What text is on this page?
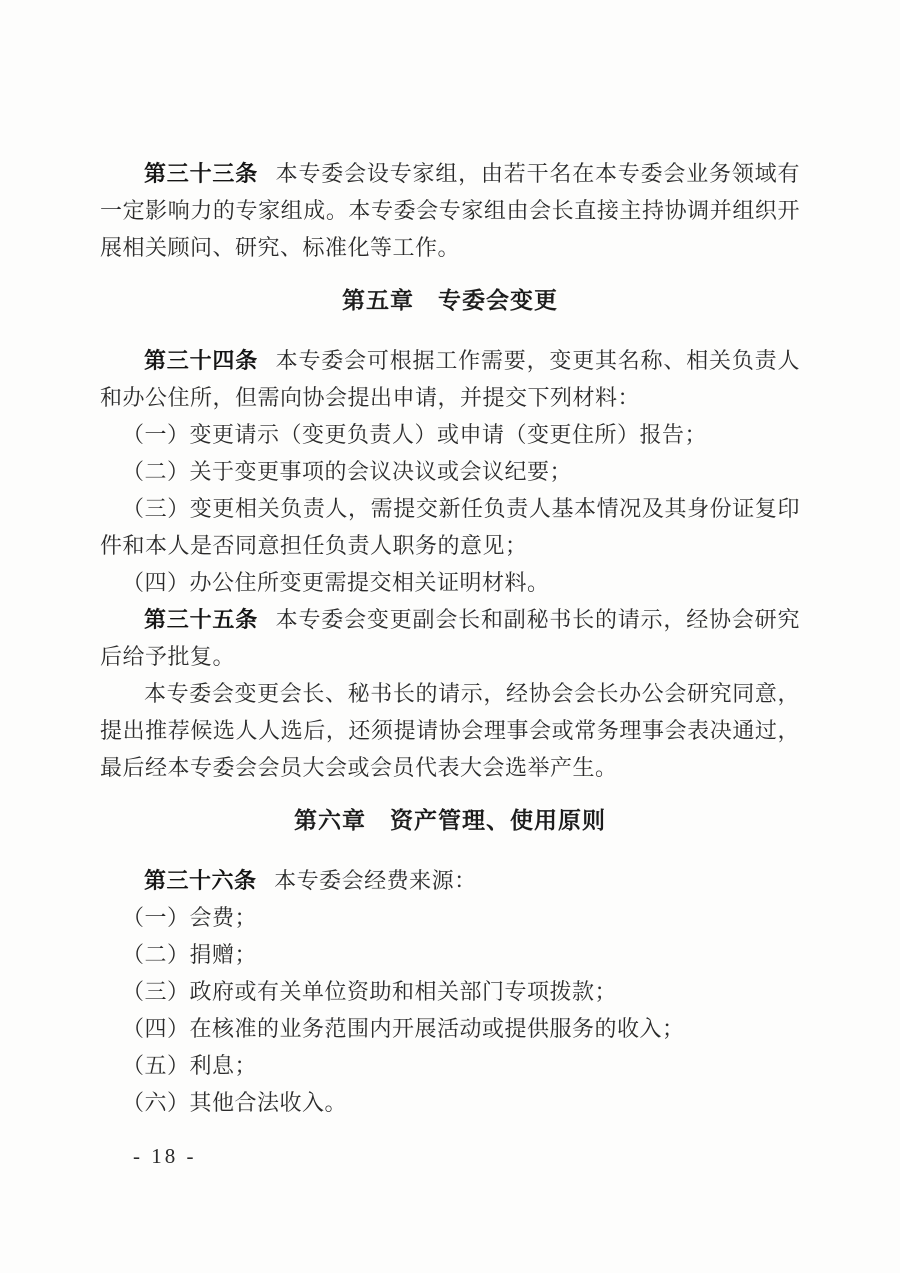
第三十三条 本专委会设专家组，由若干名在本专委会业务领域有一定影响力的专家组成。本专委会专家组由会长直接主持协调并组织开展相关顾问、研究、标准化等工作。

第五章　专委会变更

第三十四条 本专委会可根据工作需要，变更其名称、相关负责人和办公住所，但需向协会提出申请，并提交下列材料：

（一）变更请示（变更负责人）或申请（变更住所）报告；

（二）关于变更事项的会议决议或会议纪要；

（三）变更相关负责人，需提交新任负责人基本情况及其身份证复印件和本人是否同意担任负责人职务的意见；

（四）办公住所变更需提交相关证明材料。

第三十五条 本专委会变更副会长和副秘书长的请示，经协会研究后给予批复。

本专委会变更会长、秘书长的请示，经协会会长办公会研究同意，提出推荐候选人人选后，还须提请协会理事会或常务理事会表决通过，最后经本专委会会员大会或会员代表大会选举产生。

第六章　资产管理、使用原则

第三十六条 本专委会经费来源：

（一）会费；

（二）捐赠；

（三）政府或有关单位资助和相关部门专项拨款；

（四）在核准的业务范围内开展活动或提供服务的收入；

（五）利息；

（六）其他合法收入。

- 18 -
